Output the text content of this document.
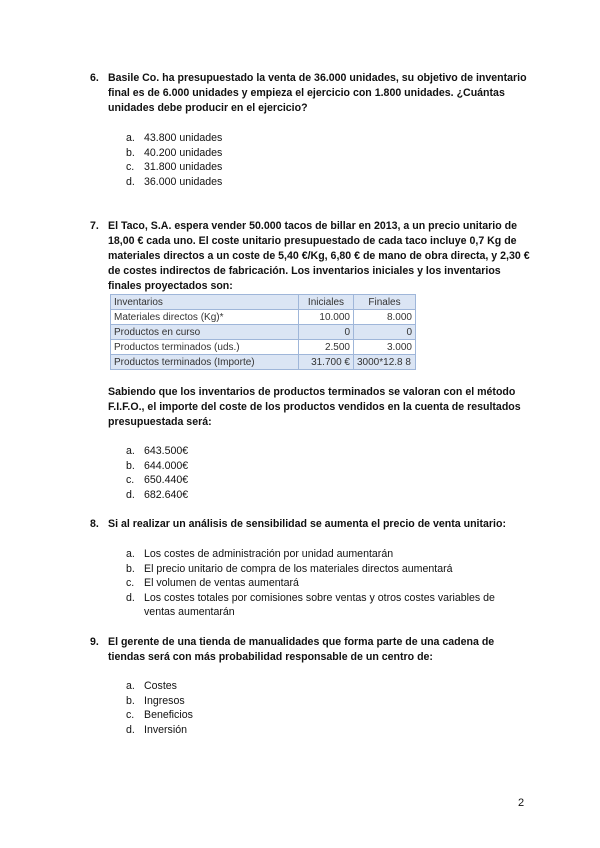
6. Basile Co. ha presupuestado la venta de 36.000 unidades, su objetivo de inventario final es de 6.000 unidades y empieza el ejercicio con 1.800 unidades. ¿Cuántas unidades debe producir en el ejercicio?
a. 43.800 unidades
b. 40.200 unidades
c. 31.800 unidades
d. 36.000 unidades
7. El Taco, S.A. espera vender 50.000 tacos de billar en 2013, a un precio unitario de 18,00 € cada uno. El coste unitario presupuestado de cada taco incluye 0,7 Kg de materiales directos a un coste de 5,40 €/Kg, 6,80 € de mano de obra directa, y 2,30 € de costes indirectos de fabricación. Los inventarios iniciales y los inventarios finales proyectados son:
Inventarios	Iniciales	Finales
Materiales directos (Kg)*	10.000	8.000
Productos en curso	0	0
Productos terminados (uds.)	2.500	3.000
Productos terminados (Importe)	31.700 €	3000*12.8 8
Sabiendo que los inventarios de productos terminados se valoran con el método F.I.F.O., el importe del coste de los productos vendidos en la cuenta de resultados presupuestada será:
a. 643.500€
b. 644.000€
c. 650.440€
d. 682.640€
8. Si al realizar un análisis de sensibilidad se aumenta el precio de venta unitario:
a. Los costes de administración por unidad aumentarán
b. El precio unitario de compra de los materiales directos aumentará
c. El volumen de ventas aumentará
d. Los costes totales por comisiones sobre ventas y otros costes variables de ventas aumentarán
9. El gerente de una tienda de manualidades que forma parte de una cadena de tiendas será con más probabilidad responsable de un centro de:
a. Costes
b. Ingresos
c. Beneficios
d. Inversión
2
